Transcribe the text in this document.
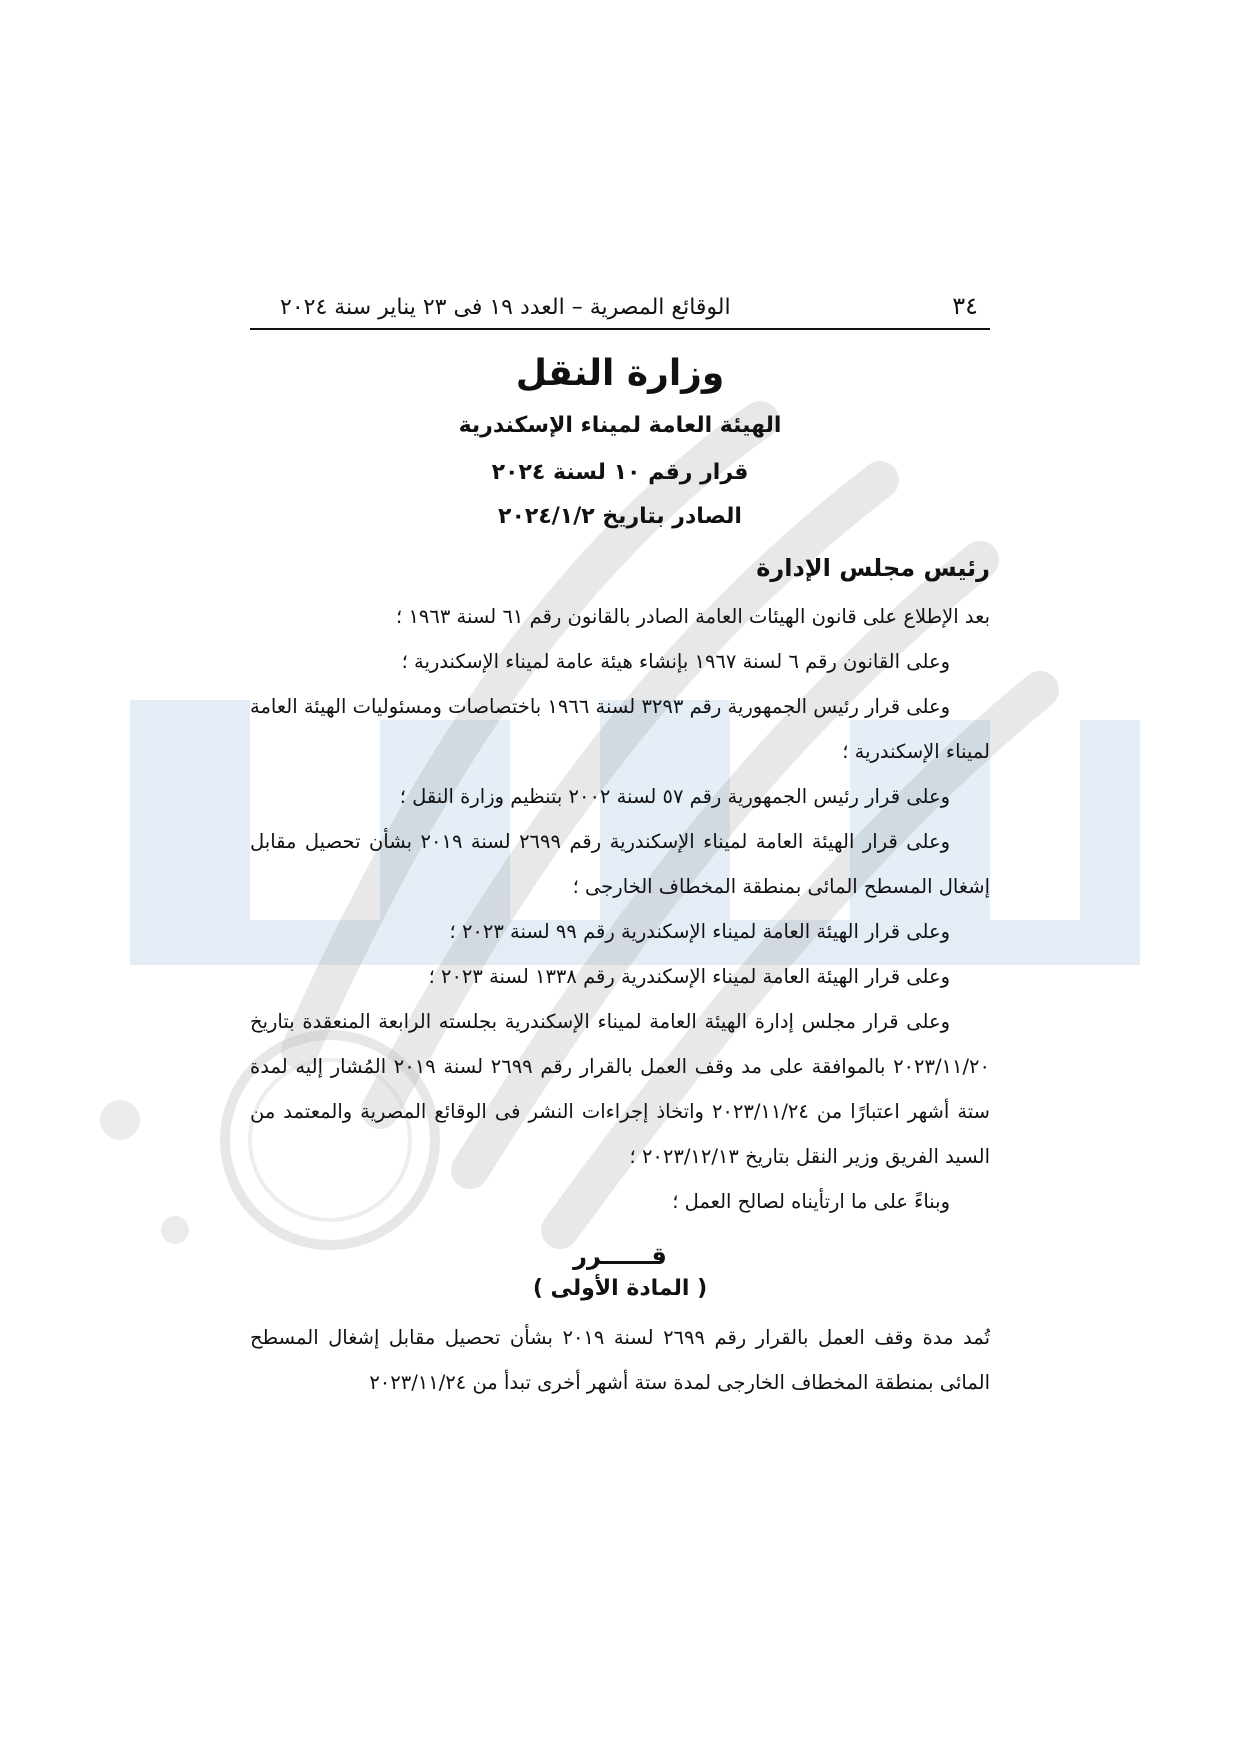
٣٤
الوقائع المصرية – العدد ١٩ فى ٢٣ يناير سنة ٢٠٢٤
وزارة النقل
الهيئة العامة لميناء الإسكندرية
قرار رقم ١٠ لسنة ٢٠٢٤
الصادر بتاريخ ٢٠٢٤/١/٢
رئيس مجلس الإدارة

بعد الإطلاع على قانون الهيئات العامة الصادر بالقانون رقم ٦١ لسنة ١٩٦٣ ؛

وعلى القانون رقم ٦ لسنة ١٩٦٧ بإنشاء هيئة عامة لميناء الإسكندرية ؛

وعلى قرار رئيس الجمهورية رقم ٣٢٩٣ لسنة ١٩٦٦ باختصاصات ومسئوليات الهيئة العامة لميناء الإسكندرية ؛

وعلى قرار رئيس الجمهورية رقم ٥٧ لسنة ٢٠٠٢ بتنظيم وزارة النقل ؛

وعلى قرار الهيئة العامة لميناء الإسكندرية رقم ٢٦٩٩ لسنة ٢٠١٩ بشأن تحصيل مقابل إشغال المسطح المائى بمنطقة المخطاف الخارجى ؛

وعلى قرار الهيئة العامة لميناء الإسكندرية رقم ٩٩ لسنة ٢٠٢٣ ؛

وعلى قرار الهيئة العامة لميناء الإسكندرية رقم ١٣٣٨ لسنة ٢٠٢٣ ؛

وعلى قرار مجلس إدارة الهيئة العامة لميناء الإسكندرية بجلسته الرابعة المنعقدة بتاريخ ٢٠٢٣/١١/٢٠ بالموافقة على مد وقف العمل بالقرار رقم ٢٦٩٩ لسنة ٢٠١٩ المُشار إليه لمدة ستة أشهر اعتبارًا من ٢٠٢٣/١١/٢٤ واتخاذ إجراءات النشر فى الوقائع المصرية والمعتمد من السيد الفريق وزير النقل بتاريخ ٢٠٢٣/١٢/١٣ ؛

وبناءً على ما ارتأيناه لصالح العمل ؛

قــــــرر
( المادة الأولى )

تُمد مدة وقف العمل بالقرار رقم ٢٦٩٩ لسنة ٢٠١٩ بشأن تحصيل مقابل إشغال المسطح المائى بمنطقة المخطاف الخارجى لمدة ستة أشهر أخرى تبدأ من ٢٠٢٣/١١/٢٤
